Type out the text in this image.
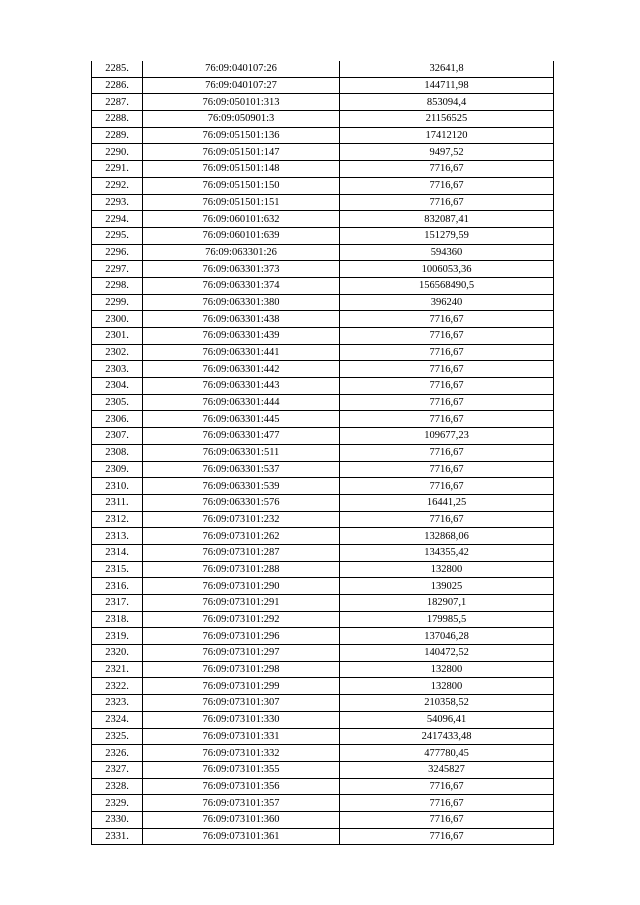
2285.	76:09:040107:26	32641,8
2286.	76:09:040107:27	144711,98
2287.	76:09:050101:313	853094,4
2288.	76:09:050901:3	21156525
2289.	76:09:051501:136	17412120
2290.	76:09:051501:147	9497,52
2291.	76:09:051501:148	7716,67
2292.	76:09:051501:150	7716,67
2293.	76:09:051501:151	7716,67
2294.	76:09:060101:632	832087,41
2295.	76:09:060101:639	151279,59
2296.	76:09:063301:26	594360
2297.	76:09:063301:373	1006053,36
2298.	76:09:063301:374	156568490,5
2299.	76:09:063301:380	396240
2300.	76:09:063301:438	7716,67
2301.	76:09:063301:439	7716,67
2302.	76:09:063301:441	7716,67
2303.	76:09:063301:442	7716,67
2304.	76:09:063301:443	7716,67
2305.	76:09:063301:444	7716,67
2306.	76:09:063301:445	7716,67
2307.	76:09:063301:477	109677,23
2308.	76:09:063301:511	7716,67
2309.	76:09:063301:537	7716,67
2310.	76:09:063301:539	7716,67
2311.	76:09:063301:576	16441,25
2312.	76:09:073101:232	7716,67
2313.	76:09:073101:262	132868,06
2314.	76:09:073101:287	134355,42
2315.	76:09:073101:288	132800
2316.	76:09:073101:290	139025
2317.	76:09:073101:291	182907,1
2318.	76:09:073101:292	179985,5
2319.	76:09:073101:296	137046,28
2320.	76:09:073101:297	140472,52
2321.	76:09:073101:298	132800
2322.	76:09:073101:299	132800
2323.	76:09:073101:307	210358,52
2324.	76:09:073101:330	54096,41
2325.	76:09:073101:331	2417433,48
2326.	76:09:073101:332	477780,45
2327.	76:09:073101:355	3245827
2328.	76:09:073101:356	7716,67
2329.	76:09:073101:357	7716,67
2330.	76:09:073101:360	7716,67
2331.	76:09:073101:361	7716,67
